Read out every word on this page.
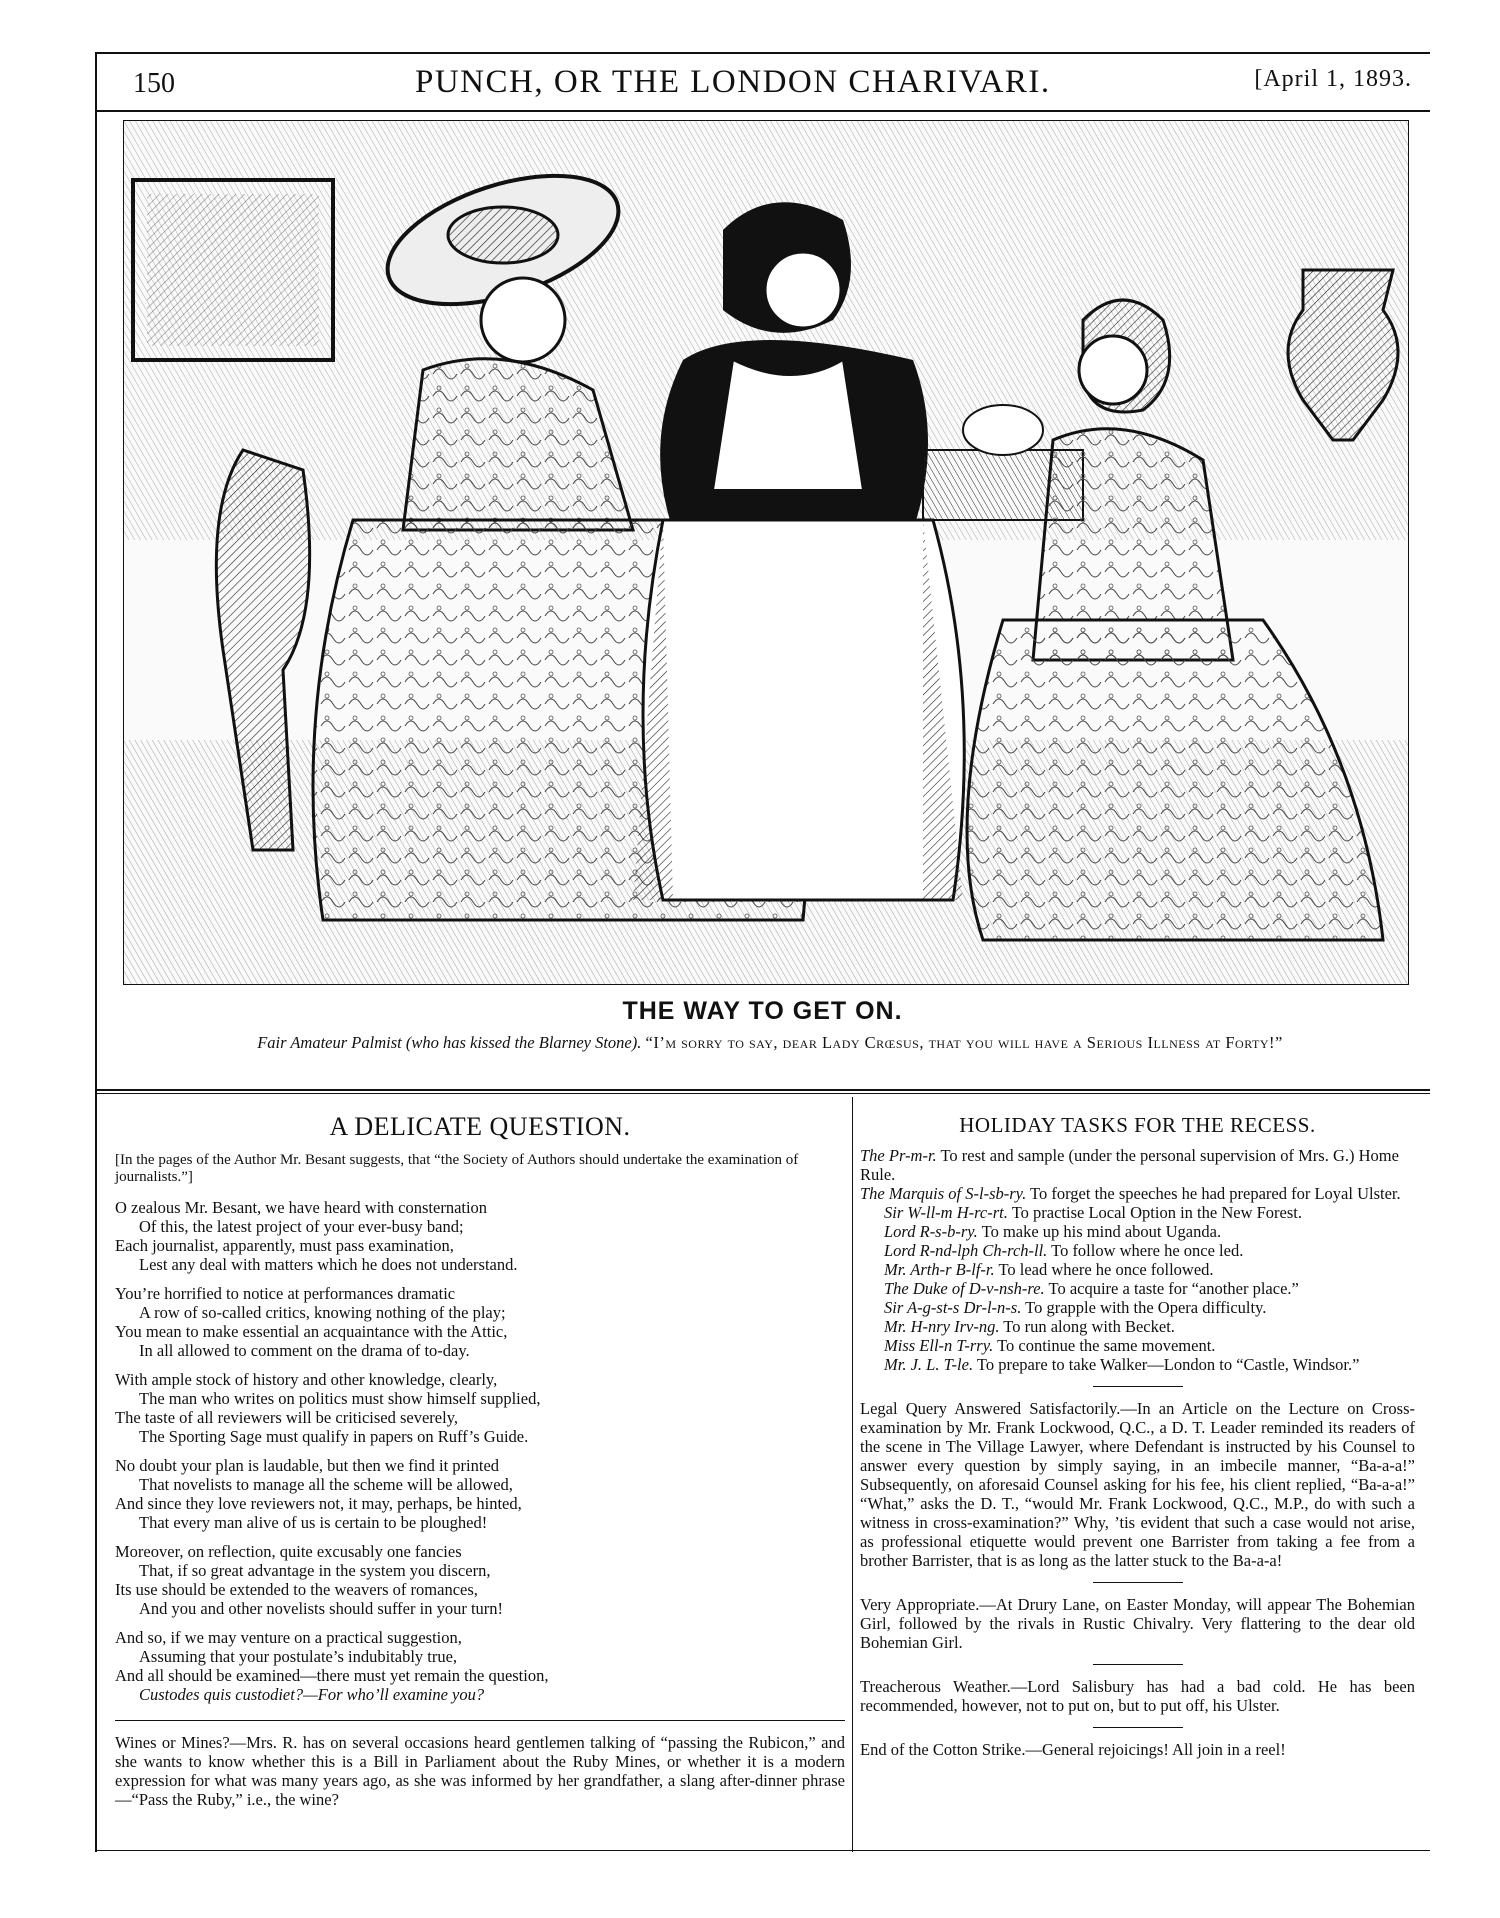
150	PUNCH, OR THE LONDON CHARIVARI.	[April 1, 1893.
THE WAY TO GET ON.
Fair Amateur Palmist (who has kissed the Blarney Stone). “I’m sorry to say, dear Lady Crœsus, that you will have a Serious Illness at Forty!”
A DELICATE QUESTION.

[In the pages of the Author Mr. Besant suggests, that “the Society of Authors should undertake the examination of journalists.”]

O zealous Mr. Besant, we have heard with consternation
Of this, the latest project of your ever-busy band;
Each journalist, apparently, must pass examination,
Lest any deal with matters which he does not understand.
You’re horrified to notice at performances dramatic
A row of so-called critics, knowing nothing of the play;
You mean to make essential an acquaintance with the Attic,
In all allowed to comment on the drama of to-day.
With ample stock of history and other knowledge, clearly,
The man who writes on politics must show himself supplied,
The taste of all reviewers will be criticised severely,
The Sporting Sage must qualify in papers on Ruff’s Guide.
No doubt your plan is laudable, but then we find it printed
That novelists to manage all the scheme will be allowed,
And since they love reviewers not, it may, perhaps, be hinted,
That every man alive of us is certain to be ploughed!
Moreover, on reflection, quite excusably one fancies
That, if so great advantage in the system you discern,
Its use should be extended to the weavers of romances,
And you and other novelists should suffer in your turn!
And so, if we may venture on a practical suggestion,
Assuming that your postulate’s indubitably true,
And all should be examined—there must yet remain the question,
Custodes quis custodiet?—For who’ll examine you?

Wines or Mines?—Mrs. R. has on several occasions heard gentlemen talking of “passing the Rubicon,” and she wants to know whether this is a Bill in Parliament about the Ruby Mines, or whether it is a modern expression for what was many years ago, as she was informed by her grandfather, a slang after-dinner phrase—“Pass the Ruby,” i.e., the wine?

HOLIDAY TASKS FOR THE RECESS.
The Pr-m-r. To rest and sample (under the personal supervision of Mrs. G.) Home Rule.
The Marquis of S-l-sb-ry. To forget the speeches he had prepared for Loyal Ulster.
Sir W-ll-m H-rc-rt. To practise Local Option in the New Forest.
Lord R-s-b-ry. To make up his mind about Uganda.
Lord R-nd-lph Ch-rch-ll. To follow where he once led.
Mr. Arth-r B-lf-r. To lead where he once followed.
The Duke of D-v-nsh-re. To acquire a taste for “another place.”
Sir A-g-st-s Dr-l-n-s. To grapple with the Opera difficulty.
Mr. H-nry Irv-ng. To run along with Becket.
Miss Ell-n T-rry. To continue the same movement.
Mr. J. L. T-le. To prepare to take Walker—London to “Castle, Windsor.”

Legal Query Answered Satisfactorily.—In an Article on the Lecture on Cross-examination by Mr. Frank Lockwood, Q.C., a D. T. Leader reminded its readers of the scene in The Village Lawyer, where Defendant is instructed by his Counsel to answer every question by simply saying, in an imbecile manner, “Ba-a-a!” Subsequently, on aforesaid Counsel asking for his fee, his client replied, “Ba-a-a!” “What,” asks the D. T., “would Mr. Frank Lockwood, Q.C., M.P., do with such a witness in cross-examination?” Why, ’tis evident that such a case would not arise, as professional etiquette would prevent one Barrister from taking a fee from a brother Barrister, that is as long as the latter stuck to the Ba-a-a!

Very Appropriate.—At Drury Lane, on Easter Monday, will appear The Bohemian Girl, followed by the rivals in Rustic Chivalry. Very flattering to the dear old Bohemian Girl.

Treacherous Weather.—Lord Salisbury has had a bad cold. He has been recommended, however, not to put on, but to put off, his Ulster.

End of the Cotton Strike.—General rejoicings! All join in a reel!
